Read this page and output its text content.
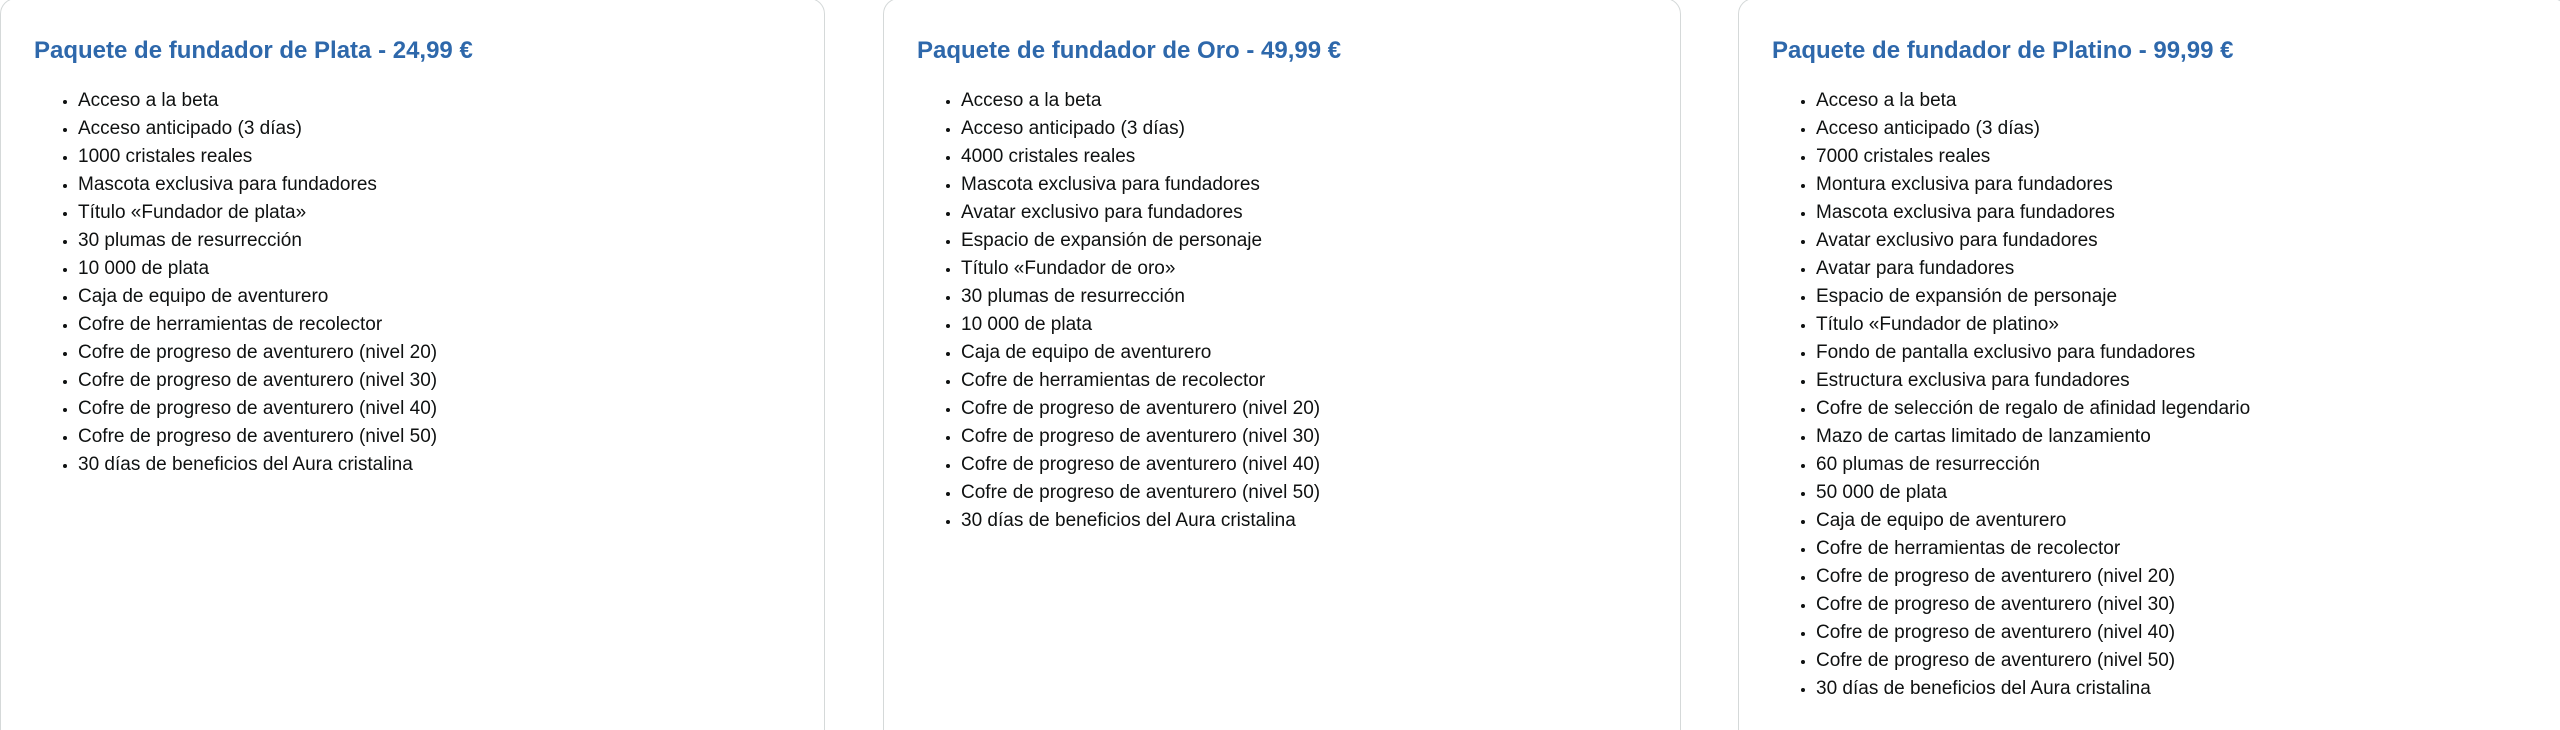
Paquete de fundador de Plata - 24,99 €
• Acceso a la beta
• Acceso anticipado (3 días)
• 1000 cristales reales
• Mascota exclusiva para fundadores
• Título «Fundador de plata»
• 30 plumas de resurrección
• 10 000 de plata
• Caja de equipo de aventurero
• Cofre de herramientas de recolector
• Cofre de progreso de aventurero (nivel 20)
• Cofre de progreso de aventurero (nivel 30)
• Cofre de progreso de aventurero (nivel 40)
• Cofre de progreso de aventurero (nivel 50)
• 30 días de beneficios del Aura cristalina
Paquete de fundador de Oro - 49,99 €
• Acceso a la beta
• Acceso anticipado (3 días)
• 4000 cristales reales
• Mascota exclusiva para fundadores
• Avatar exclusivo para fundadores
• Espacio de expansión de personaje
• Título «Fundador de oro»
• 30 plumas de resurrección
• 10 000 de plata
• Caja de equipo de aventurero
• Cofre de herramientas de recolector
• Cofre de progreso de aventurero (nivel 20)
• Cofre de progreso de aventurero (nivel 30)
• Cofre de progreso de aventurero (nivel 40)
• Cofre de progreso de aventurero (nivel 50)
• 30 días de beneficios del Aura cristalina
Paquete de fundador de Platino - 99,99 €
• Acceso a la beta
• Acceso anticipado (3 días)
• 7000 cristales reales
• Montura exclusiva para fundadores
• Mascota exclusiva para fundadores
• Avatar exclusivo para fundadores
• Avatar para fundadores
• Espacio de expansión de personaje
• Título «Fundador de platino»
• Fondo de pantalla exclusivo para fundadores
• Estructura exclusiva para fundadores
• Cofre de selección de regalo de afinidad legendario
• Mazo de cartas limitado de lanzamiento
• 60 plumas de resurrección
• 50 000 de plata
• Caja de equipo de aventurero
• Cofre de herramientas de recolector
• Cofre de progreso de aventurero (nivel 20)
• Cofre de progreso de aventurero (nivel 30)
• Cofre de progreso de aventurero (nivel 40)
• Cofre de progreso de aventurero (nivel 50)
• 30 días de beneficios del Aura cristalina
